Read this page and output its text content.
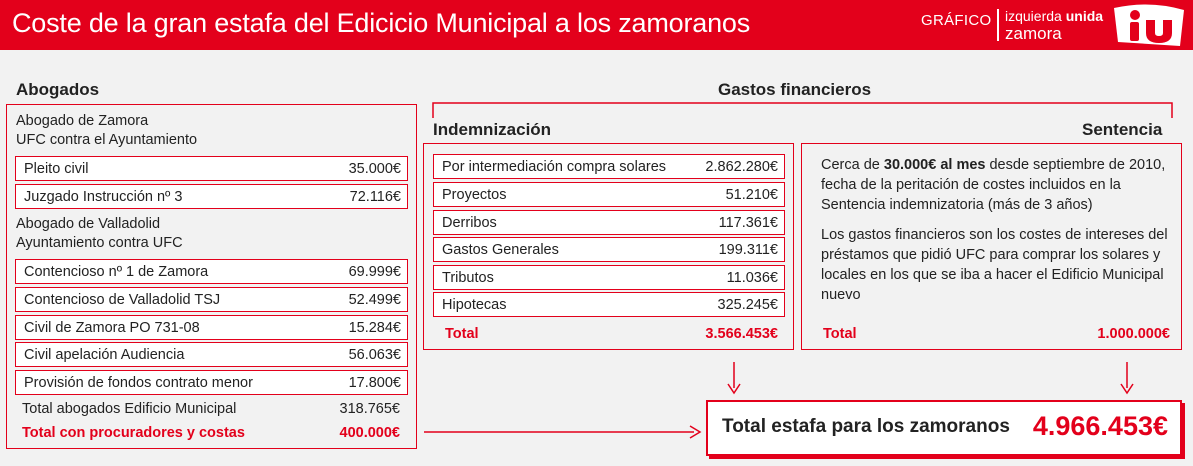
Coste de la gran estafa del Edicicio Municipal a los zamoranos	GRÁFICO izquierda unida
zamora
Abogados
Abogado de Zamora
UFC contra el Ayuntamiento
Pleito civil	35.000€
Juzgado Instrucción nº 3	72.116€
Abogado de Valladolid
Ayuntamiento contra UFC
Contencioso nº 1 de Zamora	69.999€
Contencioso de Valladolid TSJ	52.499€
Civil de Zamora PO 731-08	15.284€
Civil apelación Audiencia	56.063€
Provisión de fondos contrato menor	17.800€
Total abogados Edificio Municipal	318.765€
Total con procuradores y costas	400.000€
Gastos financieros
Indemnización
Por intermediación compra solares	2.862.280€
Proyectos	51.210€
Derribos	117.361€
Gastos Generales	199.311€
Tributos	11.036€
Hipotecas	325.245€
Total	3.566.453€
Sentencia

Cerca de 30.000€ al mes desde septiembre de 2010, fecha de la peritación de costes incluidos en la Sentencia indemnizatoria (más de 3 años)

Los gastos financieros son los costes de intereses del préstamos que pidió UFC para comprar los solares y locales en los que se iba a hacer el Edificio Municipal nuevo

Total	1.000.000€
Total estafa para los zamoranos 4.966.453€
